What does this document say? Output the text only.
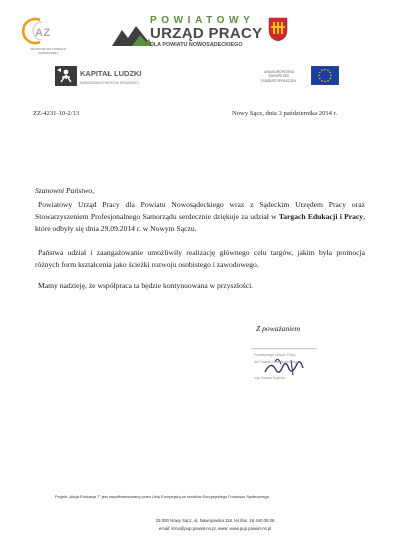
AZ
CENTRUM AKTYWIZACJI
ZAWODOWEJ
POWIATOWY
URZĄD PRACY
DLA POWIATU NOWOSĄDECKIEGO
KAPITAŁ LUDZKI
NARODOWA STRATEGIA SPÓJNOŚCI
UNIA EUROPEJSKA
EUROPEJSKI
FUNDUSZ SPOŁECZNY
ZZ-4231-10-2/13	Nowy Sącz, dnia 3 października 2014 r.
Szanowni Państwo,
Powiatowy Urząd Pracy dla Powiatu Nowosądeckiego wraz z Sądeckim Urzędem Pracy oraz Stowarzyszeniem Profesjonalnego Samorządu serdecznie dziękuje za udział w Targach Edukacji i Pracy, które odbyły się dnia 29.09.2014 r. w Nowym Sączu.
Państwa udział i zaangażowanie umożliwiły realizację głównego celu targów, jakim była promocja różnych form kształcenia jako ścieżki rozwoju osobistego i zawodowego.
Mamy nadzieję, że współpraca ta będzie kontynuowana w przyszłości.
Z poważaniem
Powiatowego Urzędu Pracy
dla Powiatu Nowosądeckiego
mgr Jolanta Szybala
Projekt „Akcja Edukacja 7” jest współfinansowany przez Unię Europejską ze środków Europejskiego Funduszu Społecznego
33-300 Nowy Sącz, ul. Nawojowska 118, tel./fax. 18 440 08 06
email: krno@pup.powiat-ns.pl, www: www.pup.powiat-ns.pl
